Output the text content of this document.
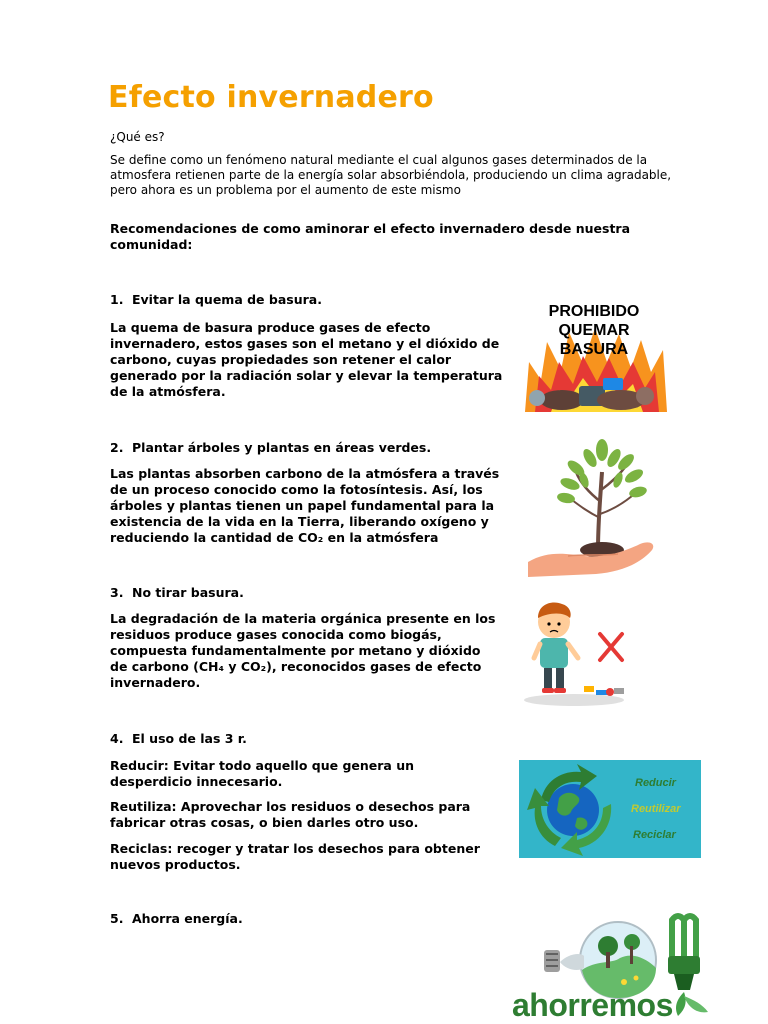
Efecto invernadero
¿Qué es?
Se define como un fenómeno natural mediante el cual algunos gases determinados de la atmosfera retienen parte de la energía solar absorbiéndola, produciendo un clima agradable, pero ahora es un problema por el aumento de este mismo
Recomendaciones de como aminorar el efecto invernadero desde nuestra comunidad:
1. Evitar la quema de basura.
La quema de basura produce gases de efecto invernadero, estos gases son el metano y el dióxido de carbono, cuyas propiedades son retener el calor generado por la radiación solar y elevar la temperatura de la atmósfera.
PROHIBIDO
QUEMAR
BASURA
2. Plantar árboles y plantas en áreas verdes.
Las plantas absorben carbono de la atmósfera a través de un proceso conocido como la fotosíntesis. Así, los árboles y plantas tienen un papel fundamental para la existencia de la vida en la Tierra, liberando oxígeno y reduciendo la cantidad de CO₂ en la atmósfera
3. No tirar basura.
La degradación de la materia orgánica presente en los residuos produce gases conocida como biogás, compuesta fundamentalmente por metano y dióxido de carbono (CH₄ y CO₂), reconocidos gases de efecto invernadero.
4. El uso de las 3 r.
Reducir: Evitar todo aquello que genera un desperdicio innecesario.
Reutiliza: Aprovechar los residuos o desechos para fabricar otras cosas, o bien darles otro uso.
Reciclas: recoger y tratar los desechos para obtener nuevos productos.
Reducir
Reutilizar
Reciclar
5. Ahorra energía.
ahorremos
